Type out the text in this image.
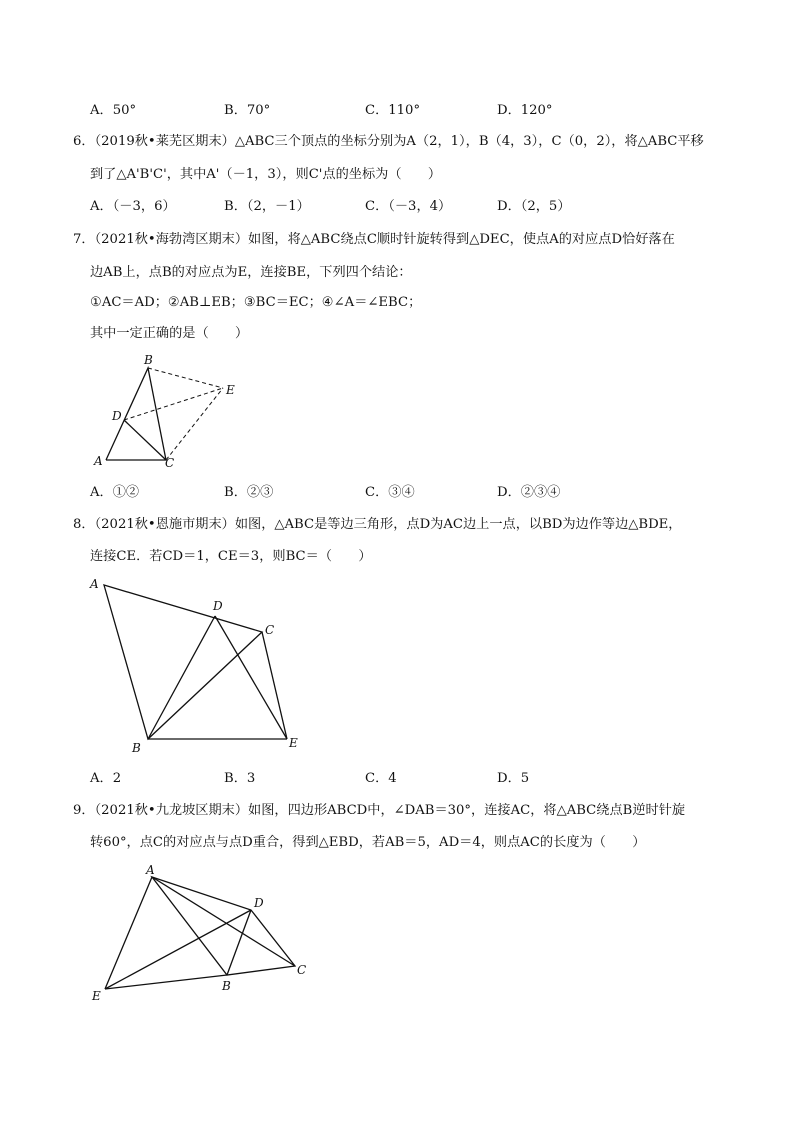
A．50°	B．70°	C．110°	D．120°
6．（2019秋•莱芜区期末）△ABC三个顶点的坐标分别为A（2，1），B（4，3），C（0，2），将△ABC平移
到了△A'B'C'，其中A'（－1，3），则C'点的坐标为（　　）
A．（－3，6）	B．（2，－1）	C．（－3，4）	D．（2，5）
7．（2021秋•海勃湾区期末）如图，将△ABC绕点C顺时针旋转得到△DEC，使点A的对应点D恰好落在
边AB上，点B的对应点为E，连接BE，下列四个结论：
①AC＝AD；②AB⊥EB；③BC＝EC；④∠A＝∠EBC；
其中一定正确的是（　　）
B
E
D
A	C
A．①②	B．②③	C．③④	D．②③④
8．（2021秋•恩施市期末）如图，△ABC是等边三角形，点D为AC边上一点，以BD为边作等边△BDE，
连接CE．若CD＝1，CE＝3，则BC＝（　　）
A
D
C
B	E
A．2	B．3	C．4	D．5
9．（2021秋•九龙坡区期末）如图，四边形ABCD中，∠DAB＝30°，连接AC，将△ABC绕点B逆时针旋
转60°，点C的对应点与点D重合，得到△EBD，若AB＝5，AD＝4，则点AC的长度为（　　）
A
D
C
B
E
